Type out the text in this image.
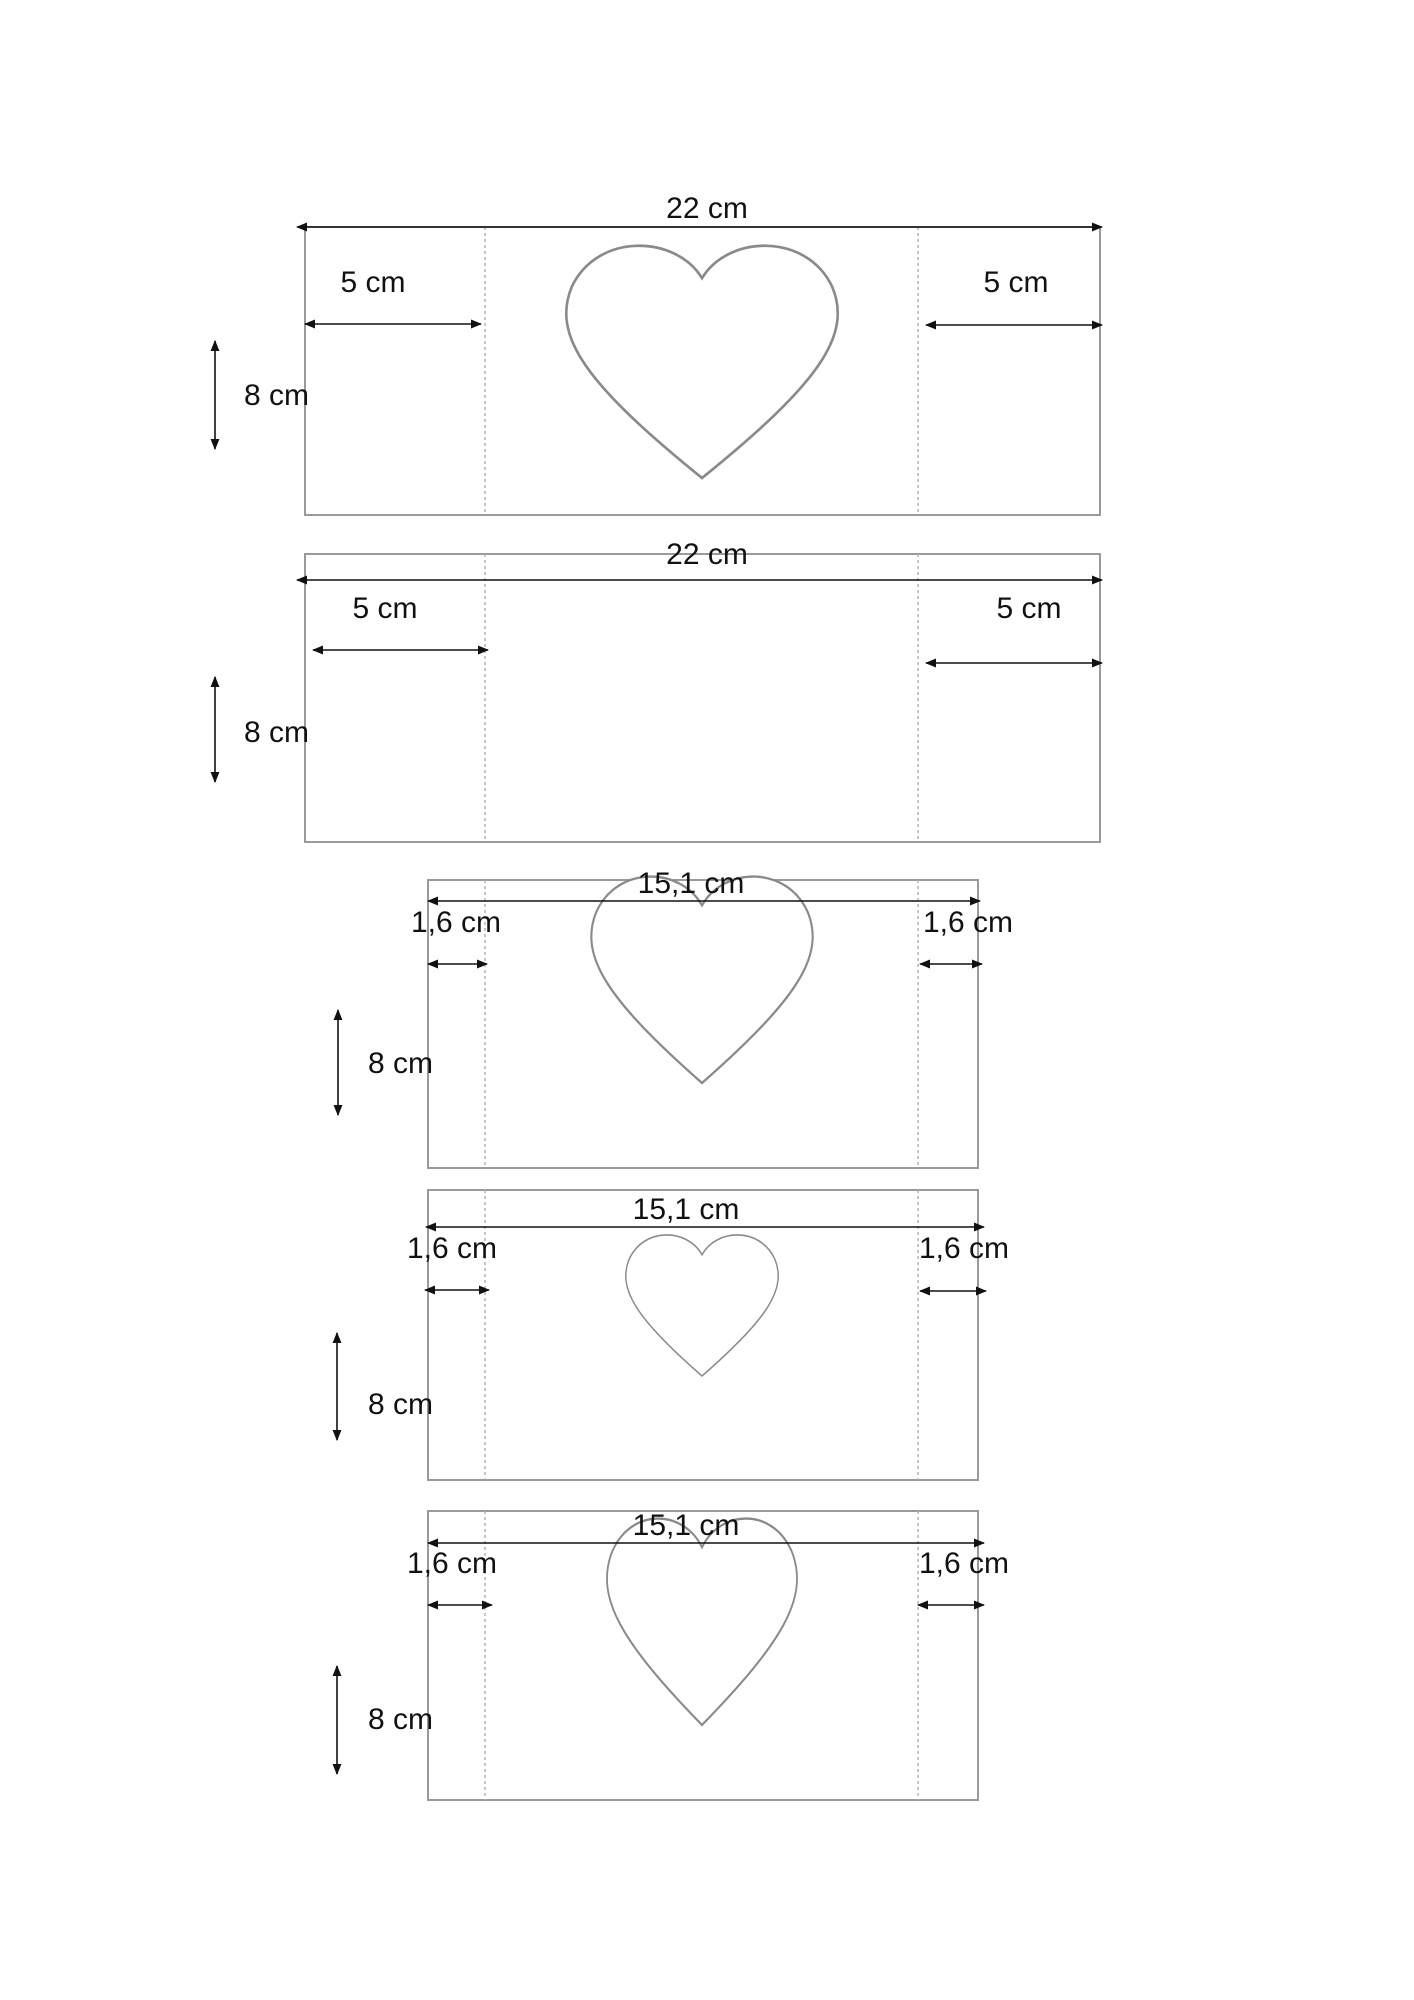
22 cm
5 cm	5 cm
8 cm
22 cm
5 cm	5 cm
8 cm
15,1 cm
1,6 cm	1,6 cm
8 cm
15,1 cm
1,6 cm	1,6 cm
8 cm
15,1 cm
1,6 cm	1,6 cm
8 cm
